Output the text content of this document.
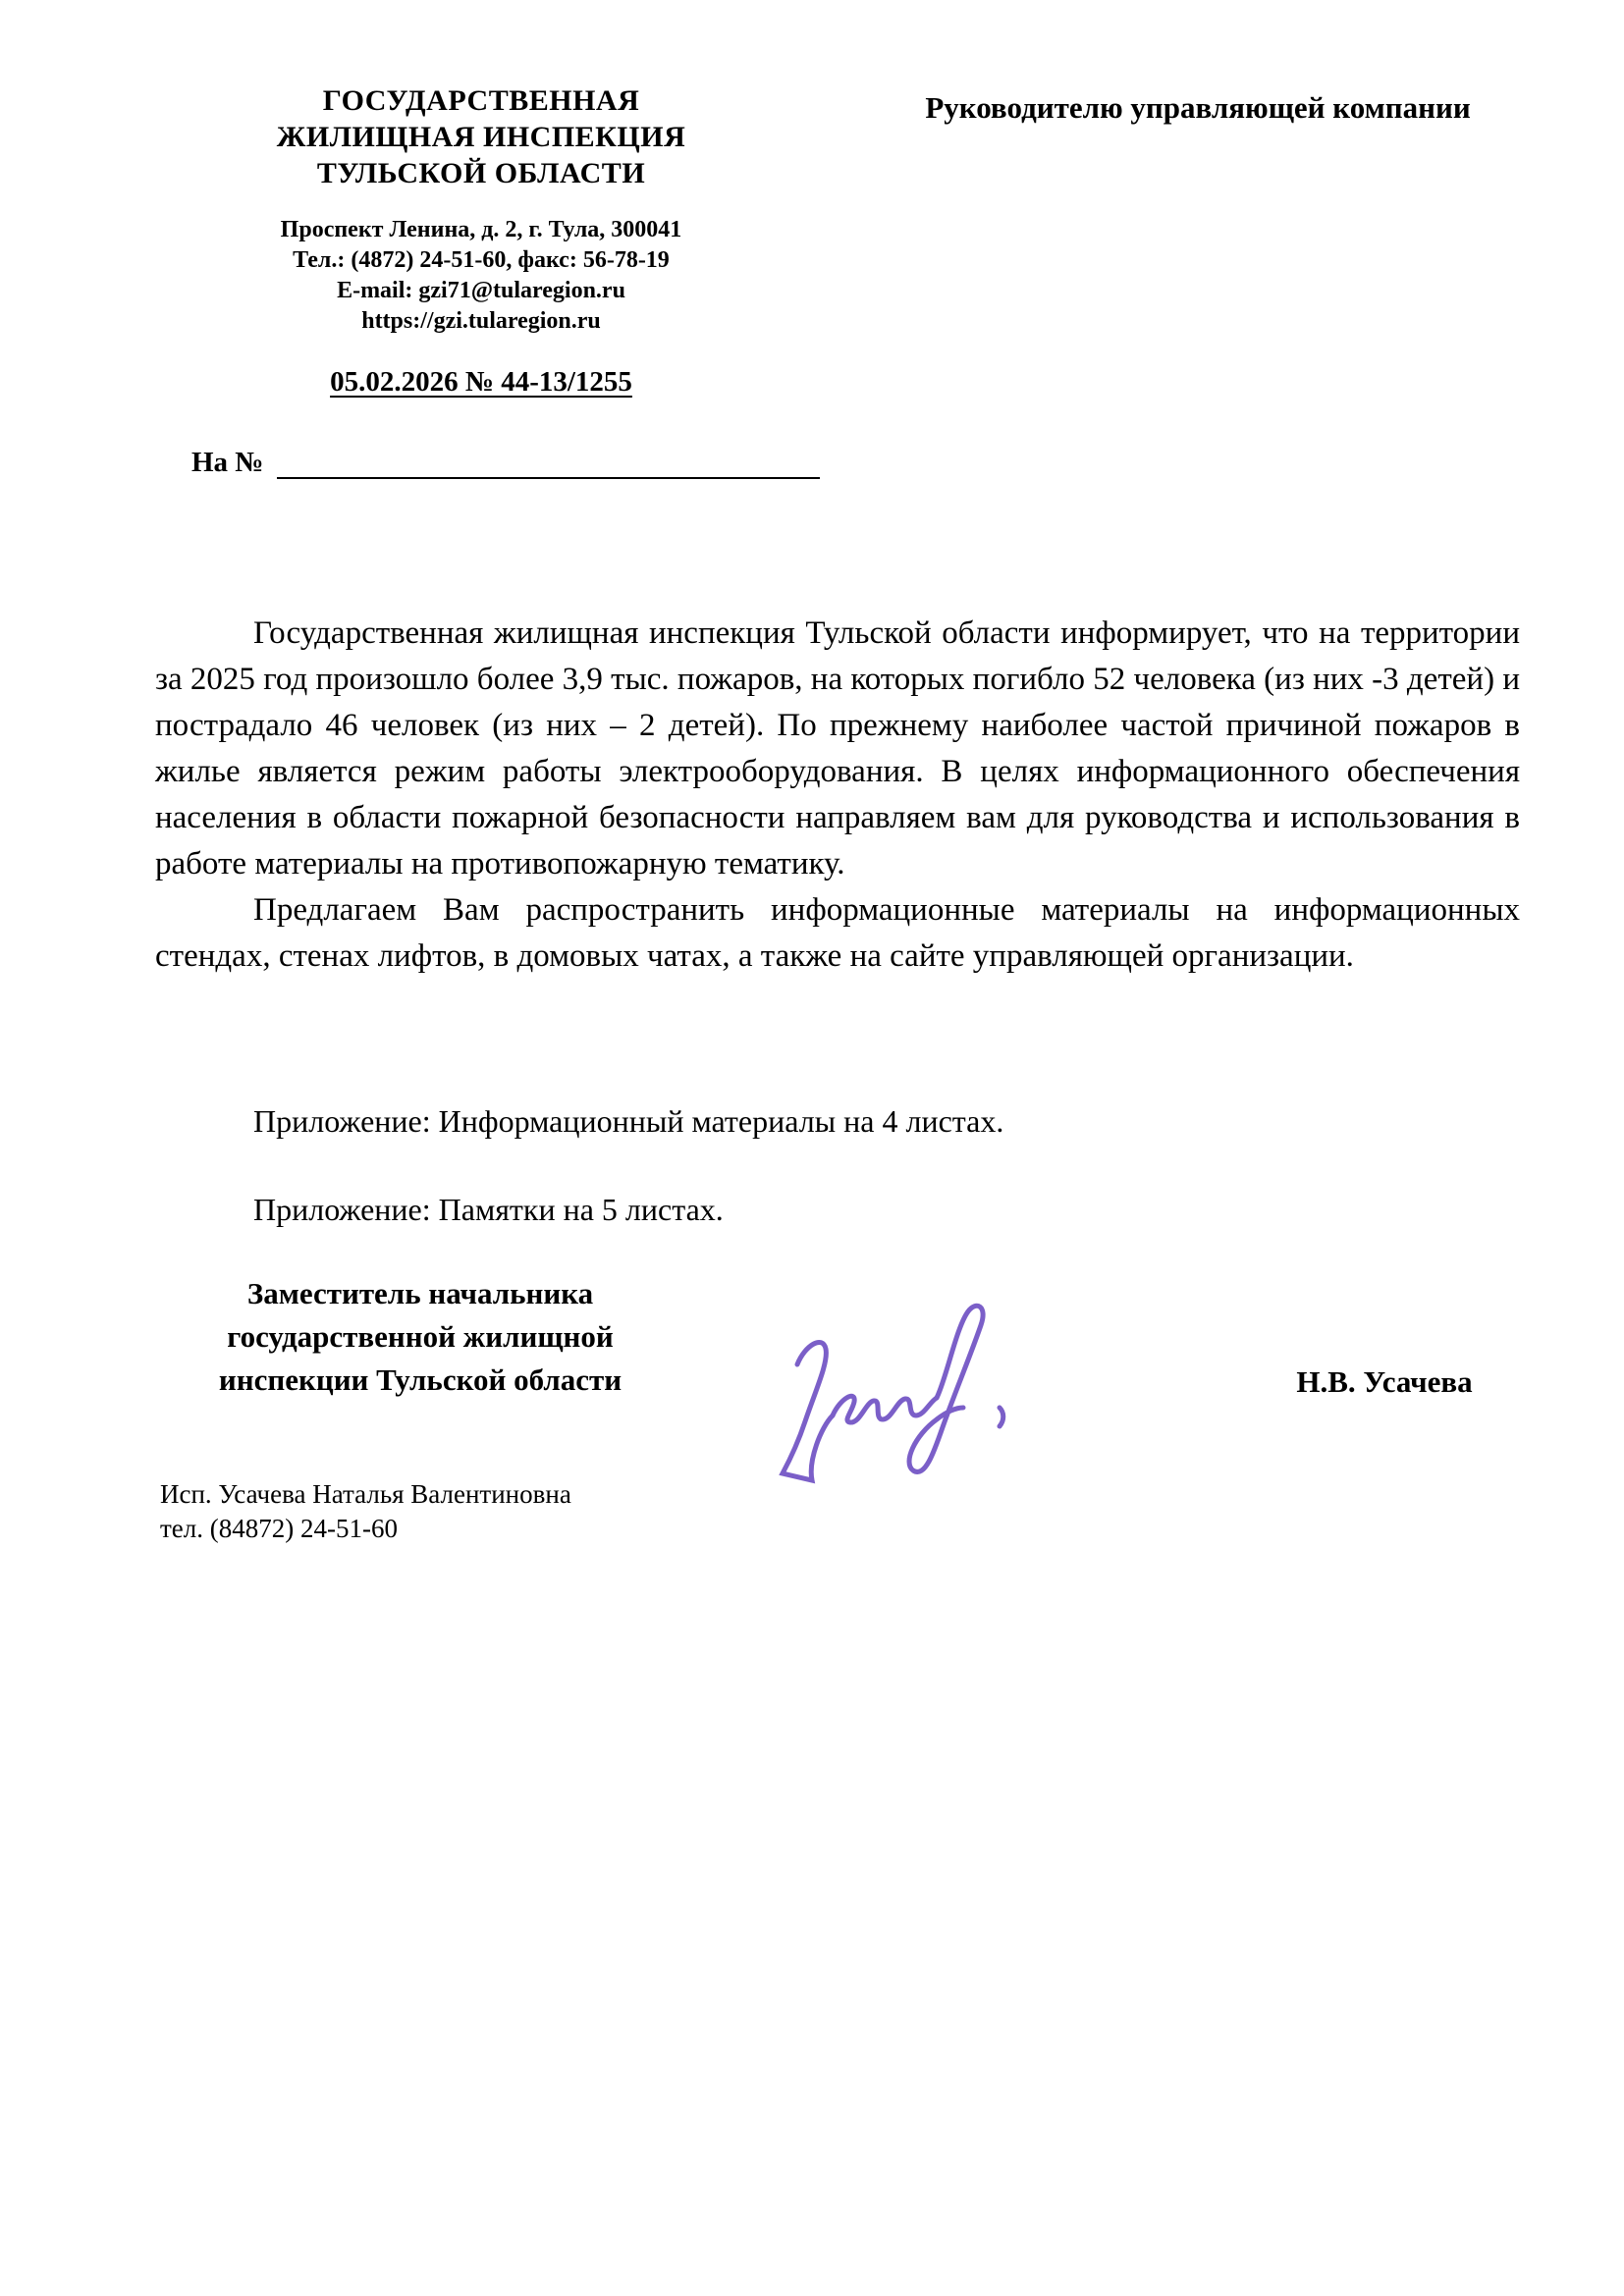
ГОСУДАРСТВЕННАЯ
ЖИЛИЩНАЯ ИНСПЕКЦИЯ
ТУЛЬСКОЙ ОБЛАСТИ
Проспект Ленина, д. 2, г. Тула, 300041
Тел.: (4872) 24-51-60, факс: 56-78-19
E-mail: gzi71@tularegion.ru
https://gzi.tularegion.ru
05.02.2026 № 44-13/1255
На №
Руководителю управляющей компании

Государственная жилищная инспекция Тульской области информирует, что на территории за 2025 год произошло более 3,9 тыс. пожаров, на которых погибло 52 человека (из них -3 детей) и пострадало 46 человек (из них – 2 детей). По прежнему наиболее частой причиной пожаров в жилье является режим работы электрооборудования. В целях информационного обеспечения населения в области пожарной безопасности направляем вам для руководства и использования в работе материалы на противопожарную тематику.

Предлагаем Вам распространить информационные материалы на информационных стендах, стенах лифтов, в домовых чатах, а также на сайте управляющей организации.

Приложение: Информационный материалы на 4 листах.
Приложение: Памятки на 5 листах.
Заместитель начальника
государственной жилищной
инспекции Тульской области	Н.В. Усачева
Исп. Усачева Наталья Валентиновна
тел. (84872) 24-51-60
